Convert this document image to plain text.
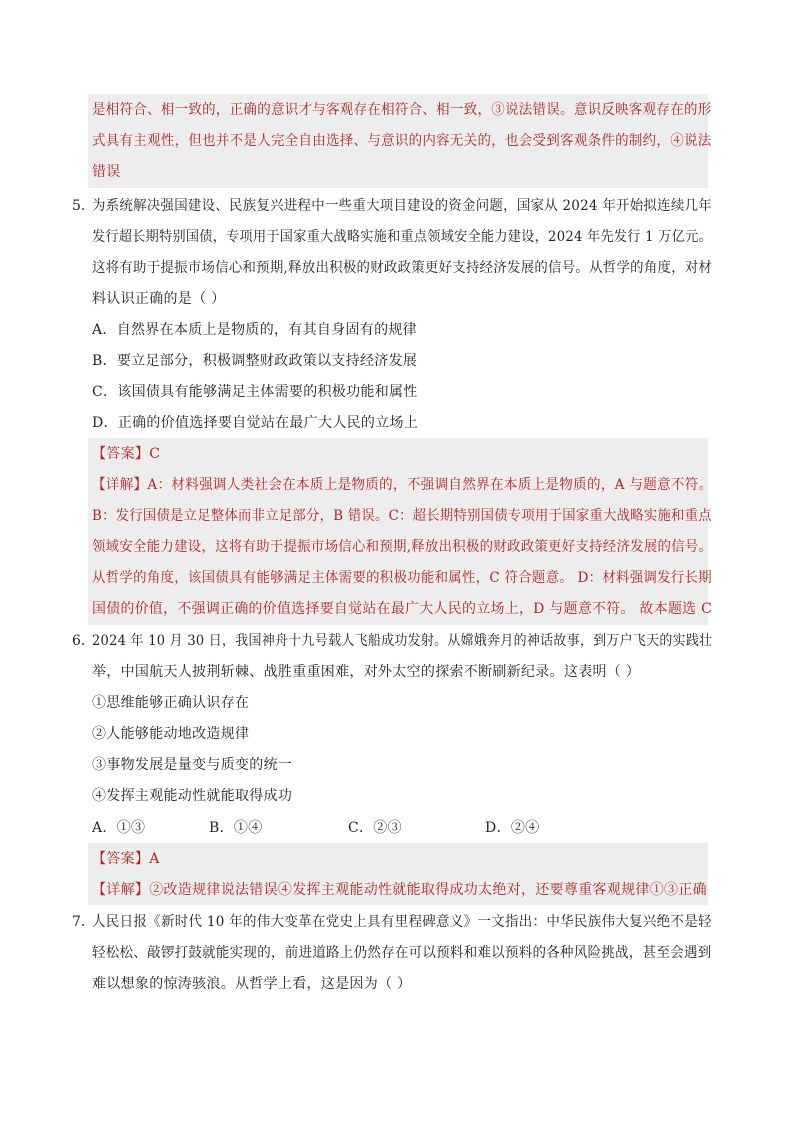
是相符合、相一致的，正确的意识才与客观存在相符合、相一致，③说法错误。意识反映客观存在的形
式具有主观性，但也并不是人完全自由选择、与意识的内容无关的，也会受到客观条件的制约，④说法
错误
5．
为系统解决强国建设、民族复兴进程中一些重大项目建设的资金问题，国家从 2024 年开始拟连续几年
发行超长期特别国债，专项用于国家重大战略实施和重点领域安全能力建设，2024 年先发行 1 万亿元。
这将有助于提振市场信心和预期,释放出积极的财政政策更好支持经济发展的信号。从哲学的角度，对材
料认识正确的是（ ）
A．自然界在本质上是物质的，有其自身固有的规律
B．要立足部分，积极调整财政政策以支持经济发展
C．该国债具有能够满足主体需要的积极功能和属性
D．正确的价值选择要自觉站在最广大人民的立场上
【答案】C
【详解】A：材料强调人类社会在本质上是物质的，不强调自然界在本质上是物质的，A 与题意不符。
B：发行国债是立足整体而非立足部分，B 错误。C：超长期特别国债专项用于国家重大战略实施和重点
领域安全能力建设，这将有助于提振市场信心和预期,释放出积极的财政政策更好支持经济发展的信号。
从哲学的角度，该国债具有能够满足主体需要的积极功能和属性，C 符合题意。 D：材料强调发行长期
国债的价值，不强调正确的价值选择要自觉站在最广大人民的立场上，D 与题意不符。 故本题选 C
6．
2024 年 10 月 30 日，我国神舟十九号载人飞船成功发射。从嫦娥奔月的神话故事，到万户飞天的实践壮
举，中国航天人披荆斩棘、战胜重重困难，对外太空的探索不断刷新纪录。这表明（ ）
①思维能够正确认识存在
②人能够能动地改造规律
③事物发展是量变与质变的统一
④发挥主观能动性就能取得成功
A．①③	B．①④	C．②③	D．②④
【答案】A
【详解】②改造规律说法错误④发挥主观能动性就能取得成功太绝对，还要尊重客观规律①③正确
7．
人民日报《新时代 10 年的伟大变革在党史上具有里程碑意义》一文指出：中华民族伟大复兴绝不是轻
轻松松、敲锣打鼓就能实现的，前进道路上仍然存在可以预料和难以预料的各种风险挑战，甚至会遇到
难以想象的惊涛骇浪。从哲学上看，这是因为（ ）
